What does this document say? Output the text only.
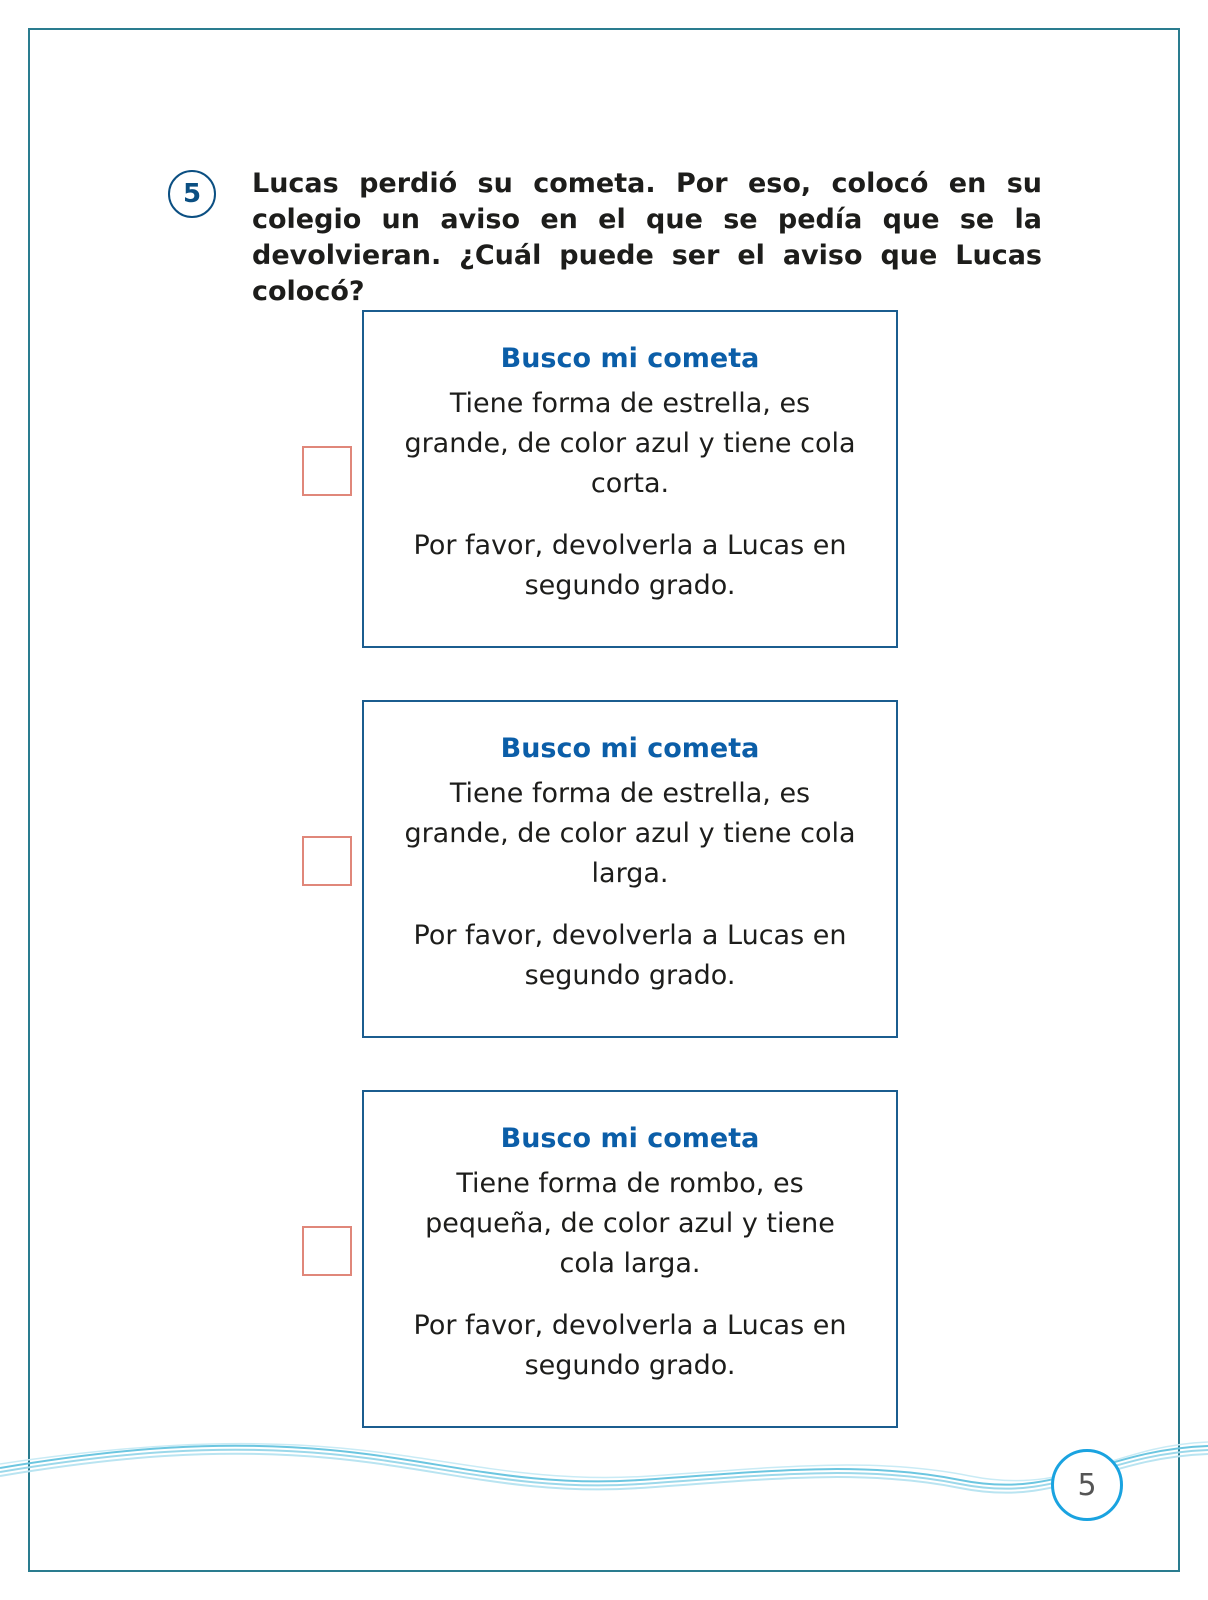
5 Lucas perdió su cometa. Por eso, colocó en su colegio un aviso en el que se pedía que se la devolvieran. ¿Cuál puede ser el aviso que Lucas colocó?
Busco mi cometa
Tiene forma de estrella, es grande, de color azul y tiene cola corta.
Por favor, devolverla a Lucas en segundo grado.
Busco mi cometa
Tiene forma de estrella, es grande, de color azul y tiene cola larga.
Por favor, devolverla a Lucas en segundo grado.
Busco mi cometa
Tiene forma de rombo, es pequeña, de color azul y tiene cola larga.
Por favor, devolverla a Lucas en segundo grado.
5
